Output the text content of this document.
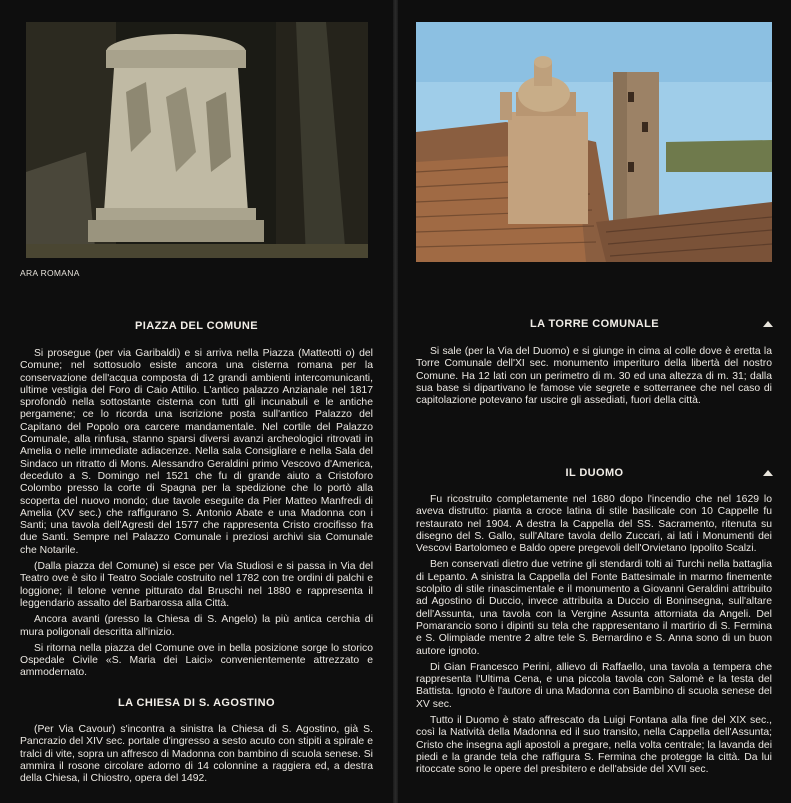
ARA ROMANA
PIAZZA DEL COMUNE

Si prosegue (per via Garibaldi) e si arriva nella Piazza (Matteotti o) del Comune; nel sottosuolo esiste ancora una cisterna romana per la conservazione dell'acqua composta di 12 grandi ambienti intercomunicanti, ultime vestigia del Foro di Caio Attilio. L'antico palazzo Anzianale nel 1817 sprofondò nella sottostante cisterna con tutti gli incunabuli e le antiche pergamene; ce lo ricorda una iscrizione posta sull'antico Palazzo del Capitano del Popolo ora carcere mandamentale. Nel cortile del Palazzo Comunale, alla rinfusa, stanno sparsi diversi avanzi archeologici ritrovati in Amelia o nelle immediate adiacenze. Nella sala Consigliare e nella Sala del Sindaco un ritratto di Mons. Alessandro Geraldini primo Vescovo d'America, deceduto a S. Domingo nel 1521 che fu di grande aiuto a Cristoforo Colombo presso la corte di Spagna per la spedizione che lo portò alla scoperta del nuovo mondo; due tavole eseguite da Pier Matteo Manfredi di Amelia (XV sec.) che raffigurano S. Antonio Abate e una Madonna con i Santi; una tavola dell'Agresti del 1577 che rappresenta Cristo crocifisso fra due Santi. Sempre nel Palazzo Comunale i preziosi archivi sia Comunale che Notarile.

(Dalla piazza del Comune) si esce per Via Studiosi e si passa in Via del Teatro ove è sito il Teatro Sociale costruito nel 1782 con tre ordini di palchi e loggione; il telone venne pitturato dal Bruschi nel 1880 e rappresenta il leggendario assalto del Barbarossa alla Città.

Ancora avanti (presso la Chiesa di S. Angelo) la più antica cerchia di mura poligonali descritta all'inizio.

Si ritorna nella piazza del Comune ove in bella posizione sorge lo storico Ospedale Civile «S. Maria dei Laici» convenientemente attrezzato e ammodernato.

LA CHIESA DI S. AGOSTINO

(Per Via Cavour) s'incontra a sinistra la Chiesa di S. Agostino, già S. Pancrazio del XIV sec. portale d'ingresso a sesto acuto con stipiti a spirale e tralci di vite, sopra un affresco di Madonna con bambino di scuola senese. Si ammira il rosone circolare adorno di 14 colonnine a raggiera ed, a destra della Chiesa, il Chiostro, opera del 1492.

LA TORRE COMUNALE

Si sale (per la Via del Duomo) e si giunge in cima al colle dove è eretta la Torre Comunale dell'XI sec. monumento imperituro della libertà del nostro Comune. Ha 12 lati con un perimetro di m. 30 ed una altezza di m. 31; dalla sua base si dipartivano le famose vie segrete e sotterranee che nel caso di capitolazione potevano far uscire gli assediati, fuori della città.

IL DUOMO

Fu ricostruito completamente nel 1680 dopo l'incendio che nel 1629 lo aveva distrutto: pianta a croce latina di stile basilicale con 10 Cappelle fu restaurato nel 1904. A destra la Cappella del SS. Sacramento, ritenuta su disegno del S. Gallo, sull'Altare tavola dello Zuccari, ai lati i Monumenti dei Vescovi Bartolomeo e Baldo opere pregevoli dell'Orvietano Ippolito Scalzi.

Ben conservati dietro due vetrine gli stendardi tolti ai Turchi nella battaglia di Lepanto. A sinistra la Cappella del Fonte Battesimale in marmo finemente scolpito di stile rinascimentale e il monumento a Giovanni Geraldini attribuito ad Agostino di Duccio, invece attribuita a Duccio di Boninsegna, sull'altare dell'Assunta, una tavola con la Vergine Assunta attorniata da Angeli. Del Pomarancio sono i dipinti su tela che rappresentano il martirio di S. Fermina e S. Olimpiade mentre 2 altre tele S. Bernardino e S. Anna sono di un buon autore ignoto.

Di Gian Francesco Perini, allievo di Raffaello, una tavola a tempera che rappresenta l'Ultima Cena, e una piccola tavola con Salomè e la testa del Battista. Ignoto è l'autore di una Madonna con Bambino di scuola senese del XV sec.

Tutto il Duomo è stato affrescato da Luigi Fontana alla fine del XIX sec., così la Natività della Madonna ed il suo transito, nella Cappella dell'Assunta; Cristo che insegna agli apostoli a pregare, nella volta centrale; la lavanda dei piedi e la grande tela che raffigura S. Fermina che protegge la città. Da lui ritoccate sono le opere del presbitero e dell'abside del XVII sec.
